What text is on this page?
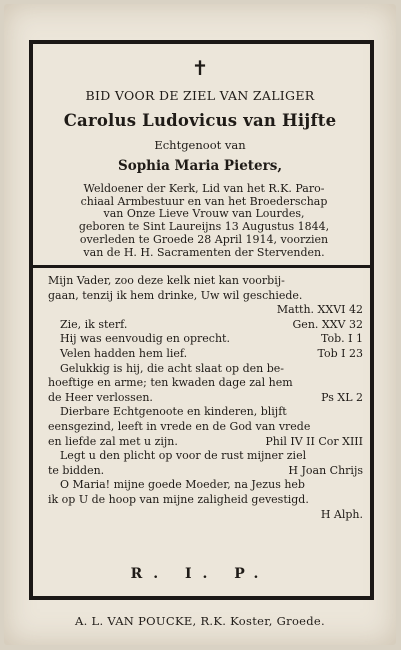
✝
BID VOOR DE ZIEL VAN ZALIGER
Carolus Ludovicus van Hijfte
Echtgenoot van
Sophia Maria Pieters,
Weldoener der Kerk, Lid van het R.K. Paro-
chiaal Armbestuur en van het Broederschap
van Onze Lieve Vrouw van Lourdes,
geboren te Sint Laureijns 13 Augustus 1844,
overleden te Groede 28 April 1914, voorzien
van de H. H. Sacramenten der Stervenden.
Mijn Vader, zoo deze kelk niet kan voorbij-
gaan, tenzij ik hem drinke, Uw wil geschiede.
Matth. XXVI 42
Zie, ik sterf.	Gen. XXV 32
Hij was eenvoudig en oprecht.	Tob. I 1
Velen hadden hem lief.	Tob I 23
Gelukkig is hij, die acht slaat op den be-
hoeftige en arme; ten kwaden dage zal hem
de Heer verlossen.	Ps XL 2
Dierbare Echtgenoote en kinderen, blijft
eensgezind, leeft in vrede en de God van vrede
en liefde zal met u zijn.	Phil IV II Cor XIII
Legt u den plicht op voor de rust mijner ziel
te bidden.	H Joan Chrijs
O Maria! mijne goede Moeder, na Jezus heb
ik op U de hoop van mijne zaligheid gevestigd.
H Alph.
R. I. P.
A. L. VAN POUCKE, R.K. Koster, Groede.
